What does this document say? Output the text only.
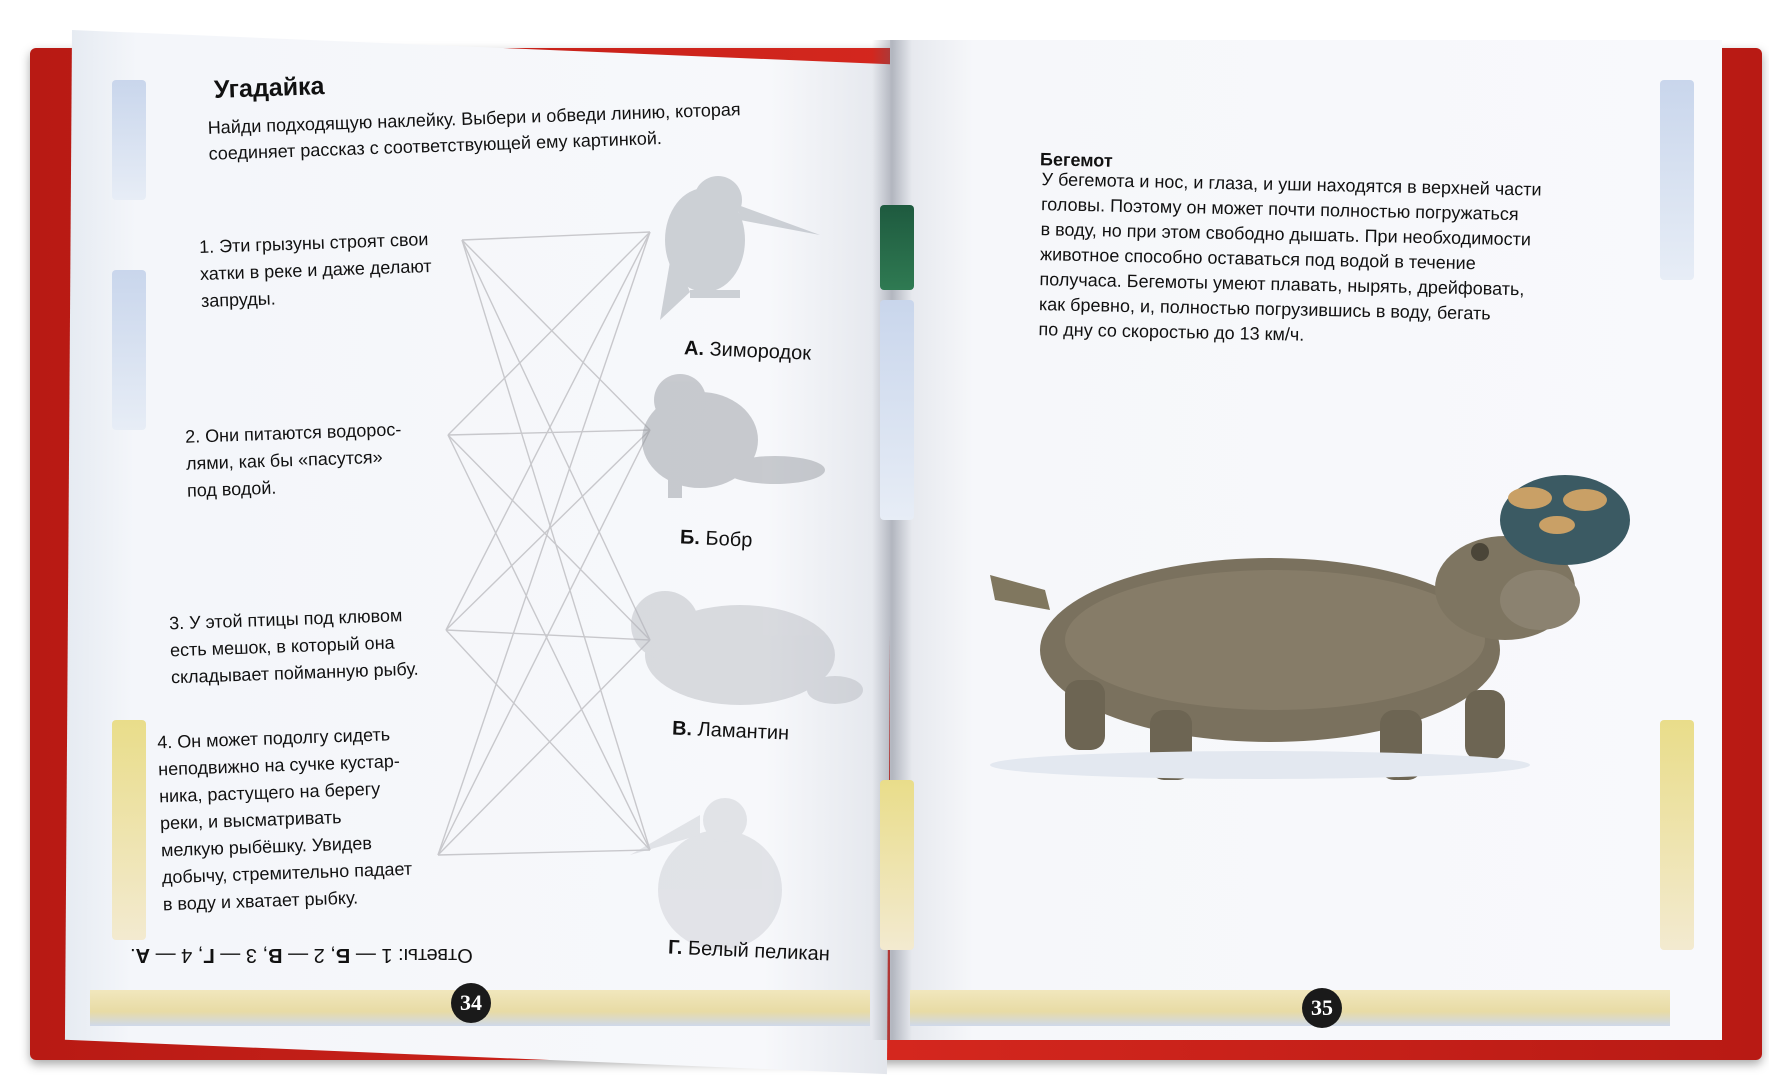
Угадайка
Найди подходящую наклейку. Выбери и обведи линию, которая соединяет рассказ с соответствующей ему картинкой.
1. Эти грызуны строят свои
хатки в реке и даже делают
запруды.
2. Они питаются водорос-
лями, как бы «пасутся»
под водой.
3. У этой птицы под клювом
есть мешок, в который она
складывает пойманную рыбу.
4. Он может подолгу сидеть
неподвижно на сучке кустар-
ника, растущего на берегу
реки, и высматривать
мелкую рыбёшку. Увидев
добычу, стремительно падает
в воду и хватает рыбку.
А. Зимородок
Б. Бобр
В. Ламантин
Г. Белый пеликан
Ответы: 1 — Б, 2 — В, 3 — Г, 4 — А.
34
Бегемот
У бегемота и нос, и глаза, и уши находятся в верхней части
головы. Поэтому он может почти полностью погружаться
в воду, но при этом свободно дышать. При необходимости
животное способно оставаться под водой в течение
получаса. Бегемоты умеют плавать, нырять, дрейфовать,
как бревно, и, полностью погрузившись в воду, бегать
по дну со скоростью до 13 км/ч.
35
